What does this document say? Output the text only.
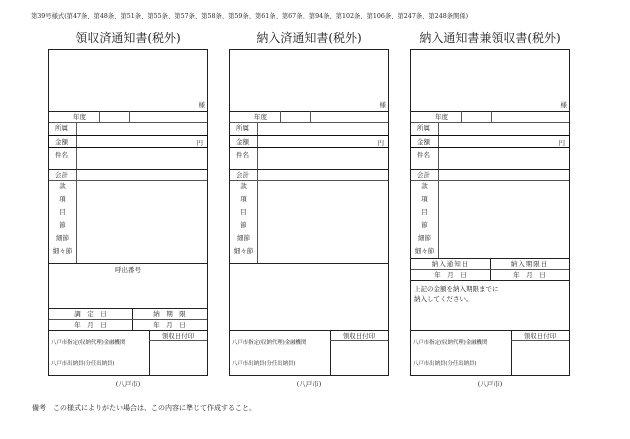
第39号様式(第47条、第48条、第51条、第55条、第57条、第58条、第59条、第61条、第67条、第94条、第102条、第106条、第247条、第248条関係)
領収済通知書(税外)
様
年度
所属
金額	円
件名
会計
款
項
目
節
細節
細々節
呼出番号
調　定　日	納　期　限
年　月　日	年　月　日
領収日付印
八戸市指定(収納代理)金融機関
八戸市出納員(分任出納員)
(八戸市)
納入済通知書(税外)
様
年度
所属
金額	円
件名
会計
款
項
目
節
細節
細々節
領収日付印
八戸市指定(収納代理)金融機関
八戸市出納員(分任出納員)
(八戸市)
納入通知書兼領収書(税外)
様
年度
所属
金額	円
件名
会計
款
項
目
節
細節
細々節
納入通知日	納入期限日
年　月　日	年　月　日
上記の金額を納入期限までに
納入してください。
領収日付印
八戸市指定(収納代理)金融機関
八戸市出納員(分任出納員)
(八戸市)
備考　この様式によりがたい場合は、この内容に準じて作成すること。
